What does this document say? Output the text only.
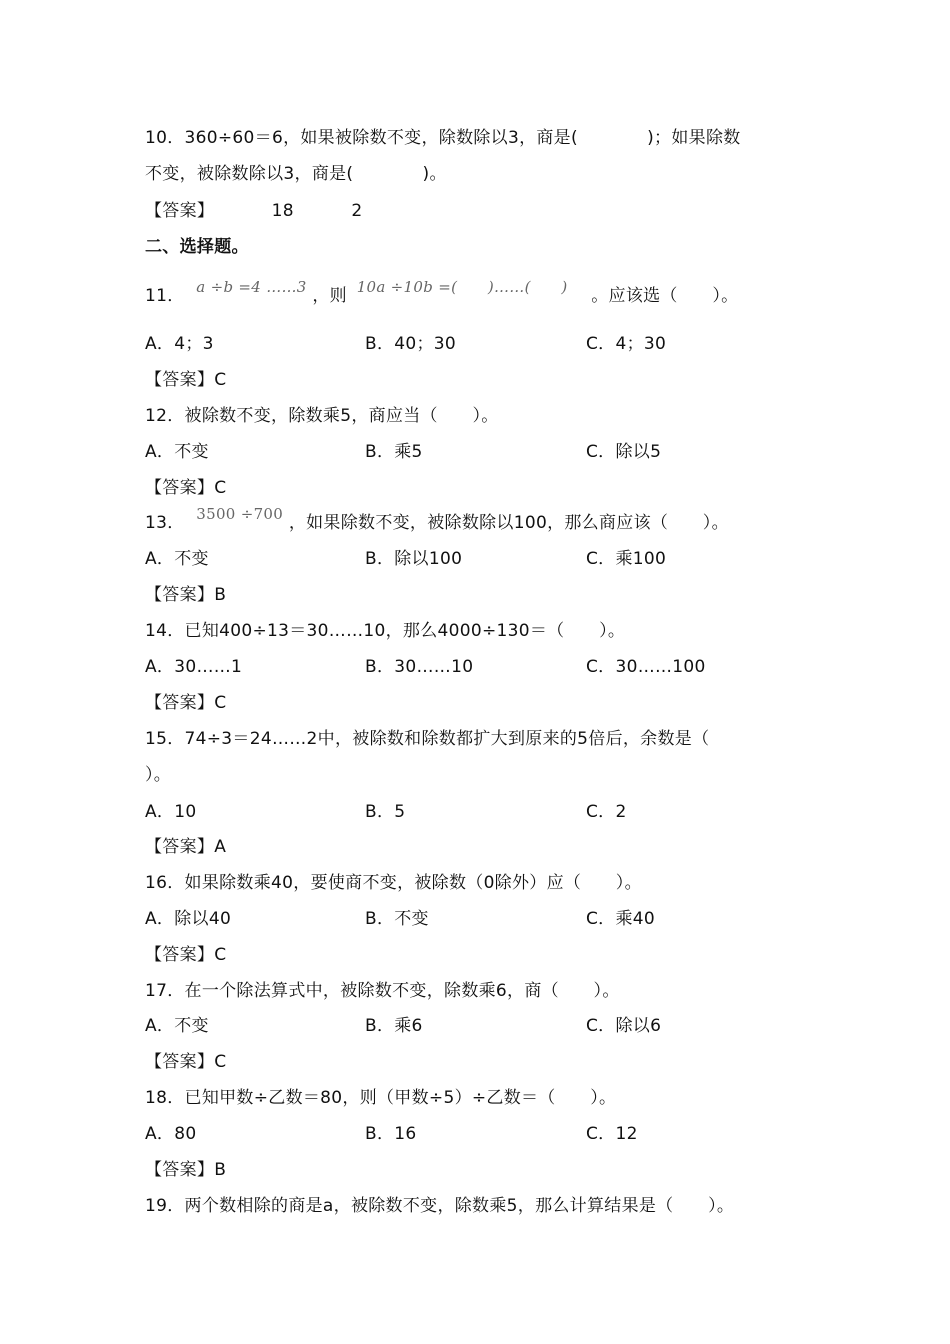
10．360÷60＝6，如果被除数不变，除数除以3，商是(　　　　)；如果除数
不变，被除数除以3，商是(　　　　)。
【答案】	18	2
二、选择题。
11． a ÷b =4 ……3 ，则 10a ÷10b =(　　)……(　　) 。应该选（　　）。
A．4；3	B．40；30	C．4；30
【答案】C
12．被除数不变，除数乘5，商应当（　　）。
A．不变	B．乘5	C．除以5
【答案】C
13． 3500 ÷700 ，如果除数不变，被除数除以100，那么商应该（　　）。
A．不变	B．除以100	C．乘100
【答案】B
14．已知400÷13＝30……10，那么4000÷130＝（　　）。
A．30……1	B．30……10	C．30……100
【答案】C
15．74÷3＝24……2中，被除数和除数都扩大到原来的5倍后，余数是（
）。
A．10	B．5	C．2
【答案】A
16．如果除数乘40，要使商不变，被除数（0除外）应（　　）。
A．除以40	B．不变	C．乘40
【答案】C
17．在一个除法算式中，被除数不变，除数乘6，商（　　）。
A．不变	B．乘6	C．除以6
【答案】C
18．已知甲数÷乙数＝80，则（甲数÷5）÷乙数＝（　　）。
A．80	B．16	C．12
【答案】B
19．两个数相除的商是a，被除数不变，除数乘5，那么计算结果是（　　）。
